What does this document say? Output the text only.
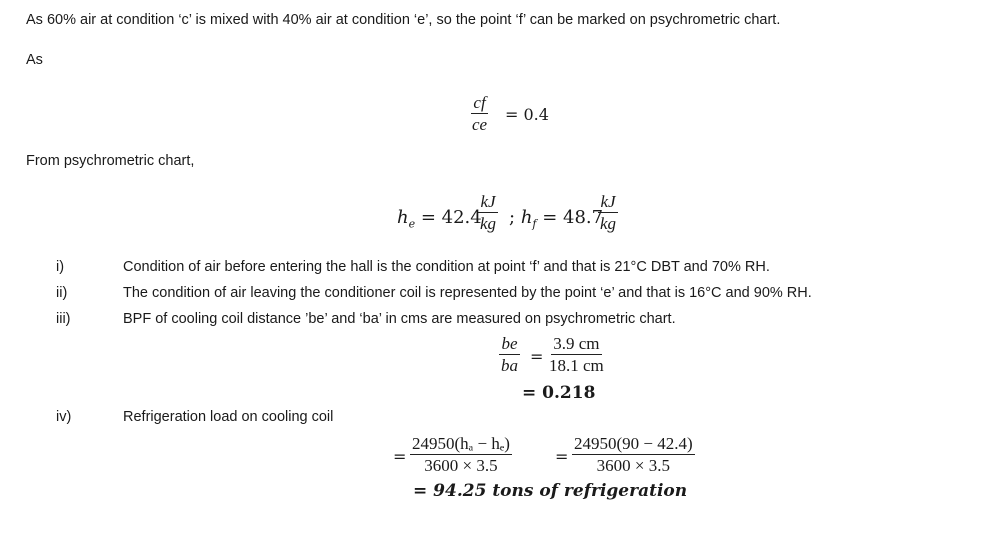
As 60% air at condition ‘c’ is mixed with 40% air at condition ‘e’, so the point ‘f’ can be marked on psychrometric chart.
As
$\frac{cf}{ce} = 0.4$
From psychrometric chart,
$h_e = 42.4$
$\frac{kJ}{kg}$ ; $h_f = 48.7$
$\frac{kJ}{kg}$
i)	Condition of air before entering the hall is the condition at point ‘f’ and that is 21°C DBT and 70% RH.
ii)	The condition of air leaving the conditioner coil is represented by the point ‘e’ and that is 16°C and 90% RH.
iii)	BPF of cooling coil distance ’be’ and ‘ba’ in cms are measured on psychrometric chart.
iv)	Refrigeration load on cooling coil
$\frac{be}{ba} = \frac{3.9 cm}{18.1 cm}$
= 0.218
= $\frac{\text{24950(hₐ − hₑ)}}{3600 \times 3.5}$	= $\frac{24950(90 - 42.4)}{3600 \times 3.5}$
= 94.25 tons of refrigeration
